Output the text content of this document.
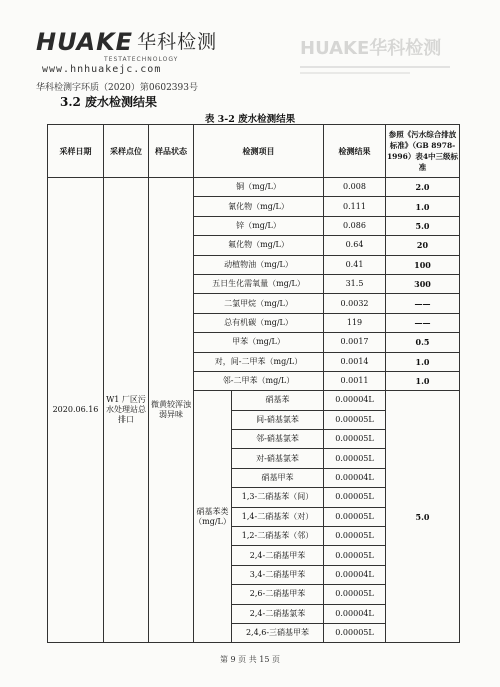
HUAKE 华科检测
TESTATECHNOLOGY
www.hnhuakejc.com
华科检测字环质（2020）第0602393号
HUAKE华科检测
3.2 废水检测结果
表 3-2 废水检测结果
采样日期	采样点位	样品状态	检测项目		检测结果	参照《污水综合排放标准》（GB 8978-1996）表4中三级标准
2020.06.16	W1 厂区污水处理站总排口	微黄较浑浊弱异味	铜（mg/L）		0.008	2.0
			氰化物（mg/L）		0.111	1.0
			锌（mg/L）		0.086	5.0
			氟化物（mg/L）		0.64	20
			动植物油（mg/L）		0.41	100
			五日生化需氧量（mg/L）		31.5	300
			二氯甲烷（mg/L）		0.0032	——
			总有机碳（mg/L）		119	——
			甲苯（mg/L）		0.0017	0.5
			对，间-二甲苯（mg/L）		0.0014	1.0
			邻-二甲苯（mg/L）		0.0011	1.0
			硝基苯类（mg/L）	硝基苯	0.00004L	5.0
				间-硝基氯苯	0.00005L	
				邻-硝基氯苯	0.00005L	
				对-硝基氯苯	0.00005L	
				硝基甲苯	0.00004L	
				1,3-二硝基苯（间）	0.00005L	
				1,4-二硝基苯（对）	0.00005L	
				1,2-二硝基苯（邻）	0.00005L	
				2,4-二硝基甲苯	0.00005L	
				3,4-二硝基甲苯	0.00004L	
				2,6-二硝基甲苯	0.00005L	
				2,4-二硝基氯苯	0.00004L	
				2,4,6-三硝基甲苯	0.00005L	
第 9 页 共 15 页
